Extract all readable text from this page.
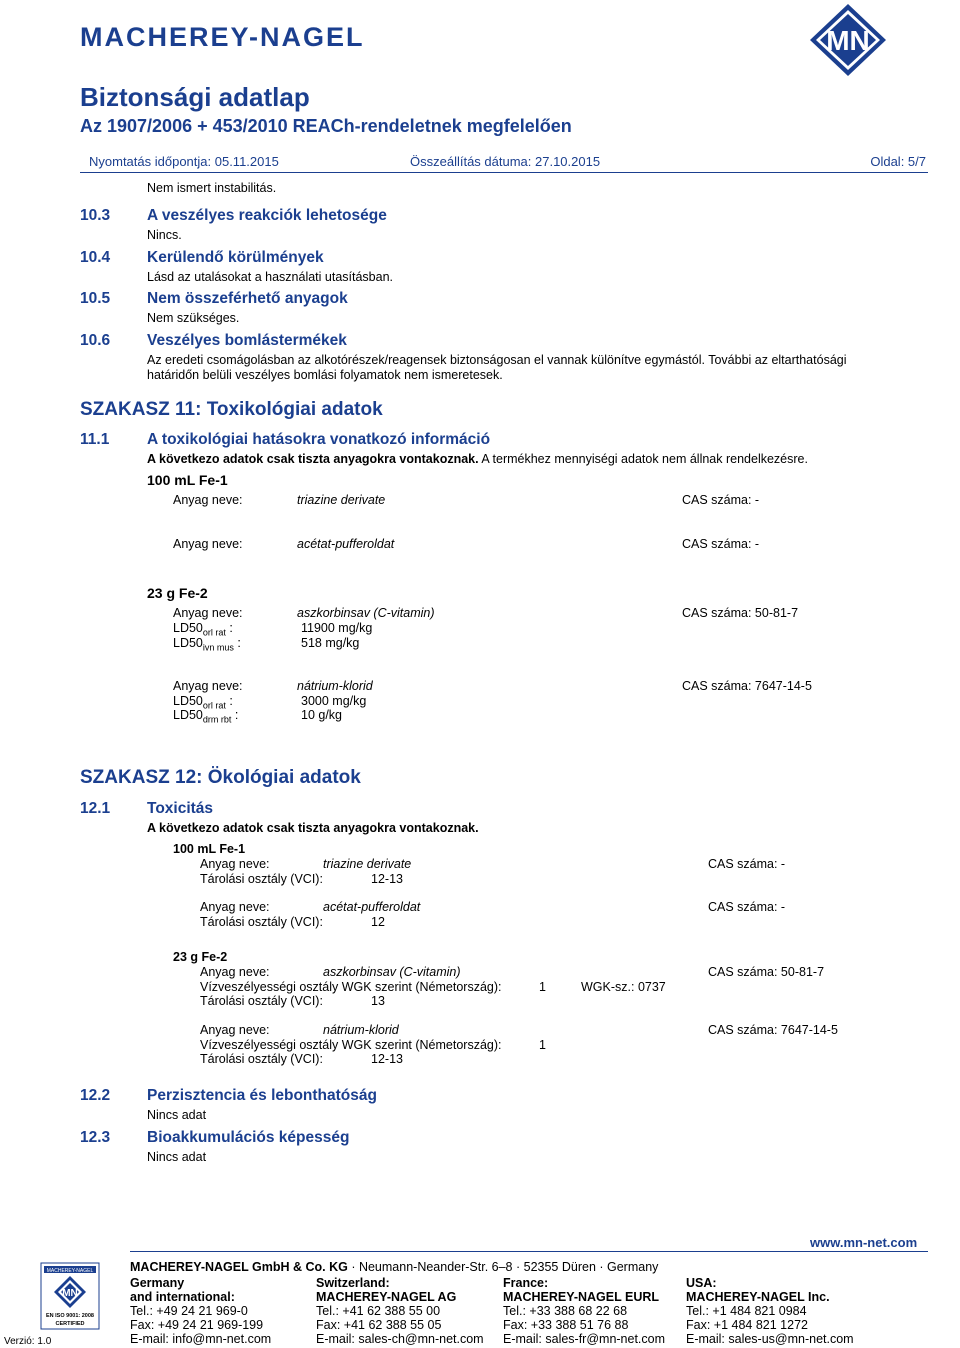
MACHEREY-NAGEL	MN
Biztonsági adatlap
Az 1907/2006 + 453/2010 REACh-rendeletnek megfelelően
Nyomtatás időpontja: 05.11.2015	Összeállítás dátuma: 27.10.2015	Oldal: 5/7
Nem ismert instabilitás.
10.3 A veszélyes reakciók lehetosége
Nincs.
10.4 Kerülendő körülmények
Lásd az utalásokat a használati utasításban.
10.5 Nem összeférhető anyagok
Nem szükséges.
10.6 Veszélyes bomlástermékek
Az eredeti csomágolásban az alkotórészek/reagensek biztonságosan el vannak különítve egymástól. További az eltarthatósági
határidőn belüli veszélyes bomlási folyamatok nem ismeretesek.
SZAKASZ 11: Toxikológiai adatok
11.1 A toxikológiai hatásokra vonatkozó információ
A következo adatok csak tiszta anyagokra vontakoznak. A termékhez mennyiségi adatok nem állnak rendelkezésre.
100 mL Fe-1
Anyag neve:	triazine derivate	CAS száma: -
Anyag neve:	acétat-pufferoldat	CAS száma: -
23 g Fe-2
Anyag neve:	aszkorbinsav (C-vitamin)	CAS száma: 50-81-7
$LD50_{orl rat}$ :	11900 mg/kg
$LD50_{ivn mus}$ :	518 mg/kg
Anyag neve:	nátrium-klorid	CAS száma: 7647-14-5
$LD50_{orl rat}$ :	3000 mg/kg
$LD50_{drm rbt}$ :	10 g/kg
SZAKASZ 12: Ökológiai adatok
12.1 Toxicitás
A következo adatok csak tiszta anyagokra vontakoznak.
100 mL Fe-1
Anyag neve:	triazine derivate	CAS száma: -
Tárolási osztály (VCI):	12-13
Anyag neve:	acétat-pufferoldat	CAS száma: -
Tárolási osztály (VCI):	12
23 g Fe-2
Anyag neve:	aszkorbinsav (C-vitamin)	CAS száma: 50-81-7
Vízveszélyességi osztály WGK szerint (Németország):	1	WGK-sz.: 0737
Tárolási osztály (VCI):	13
Anyag neve:	nátrium-klorid	CAS száma: 7647-14-5
Vízveszélyességi osztály WGK szerint (Németország):	1
Tárolási osztály (VCI):	12-13
12.2 Perzisztencia és lebonthatóság
Nincs adat
12.3 Bioakkumulációs képesség
Nincs adat
www.mn-net.com
MACHEREY-NAGEL
MN
EN ISO 9001: 2008
CERTIFIED
Verzió: 1.0
MACHEREY-NAGEL GmbH & Co. KG · Neumann-Neander-Str. 6–8 · 52355 Düren · Germany
Germany
and international:
Tel.: +49 24 21 969-0
Fax: +49 24 21 969-199
E-mail: info@mn-net.com
Switzerland:
MACHEREY-NAGEL AG
Tel.: +41 62 388 55 00
Fax: +41 62 388 55 05
E-mail: sales-ch@mn-net.com
France:
MACHEREY-NAGEL EURL
Tel.: +33 388 68 22 68
Fax: +33 388 51 76 88
E-mail: sales-fr@mn-net.com
USA:
MACHEREY-NAGEL Inc.
Tel.: +1 484 821 0984
Fax: +1 484 821 1272
E-mail: sales-us@mn-net.com
